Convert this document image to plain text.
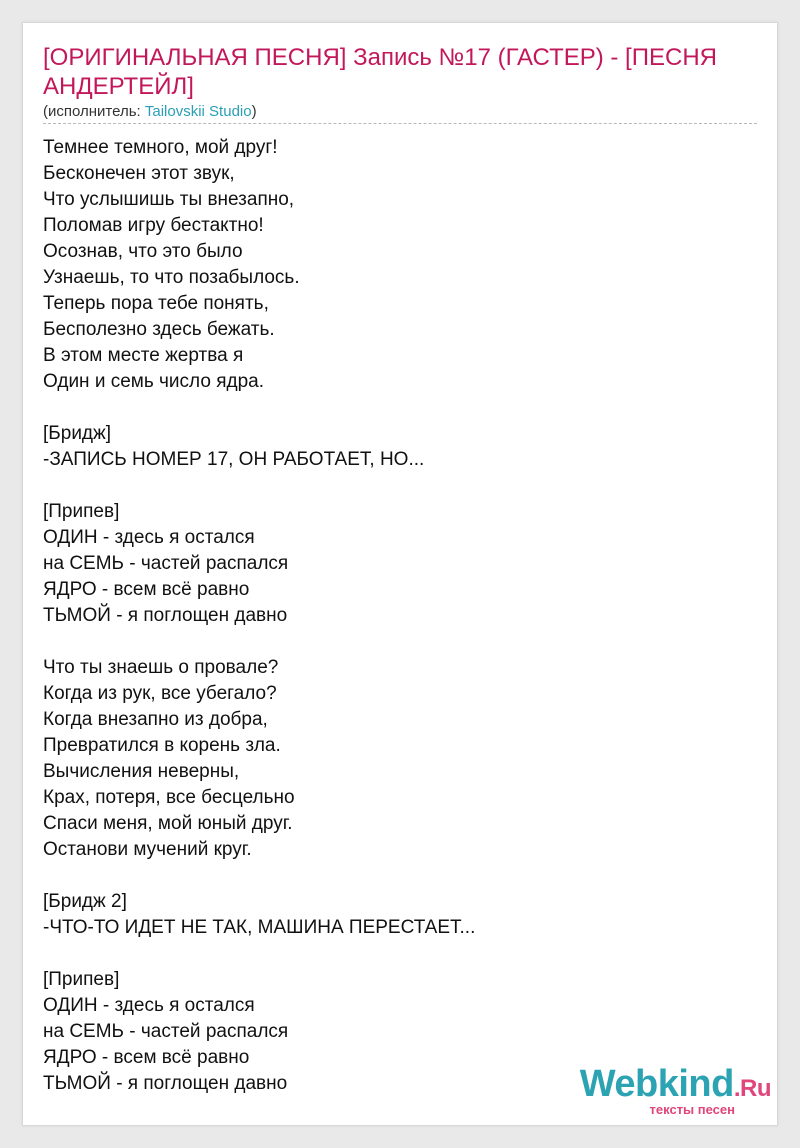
[ОРИГИНАЛЬНАЯ ПЕСНЯ] Запись №17 (ГАСТЕР) - [ПЕСНЯ АНДЕРТЕЙЛ]
(исполнитель: Tailovskii Studio)
Темнее темного, мой друг!
Бесконечен этот звук,
Что услышишь ты внезапно,
Поломав игру бестактно!
Осознав, что это было
Узнаешь, то что позабылось.
Теперь пора тебе понять,
Бесполезно здесь бежать.
В этом месте жертва я
Один и семь число ядра.
[Бридж]
-ЗАПИСЬ НОМЕР 17, ОН РАБОТАЕТ, НО...
[Припев]
ОДИН - здесь я остался
на СЕМЬ - частей распался
ЯДРО - всем всё равно
ТЬМОЙ - я поглощен давно
Что ты знаешь о провале?
Когда из рук, все убегало?
Когда внезапно из добра,
Превратился в корень зла.
Вычисления неверны,
Крах, потеря, все бесцельно
Спаси меня, мой юный друг.
Останови мучений круг.
[Бридж 2]
-ЧТО-ТО ИДЕТ НЕ ТАК, МАШИНА ПЕРЕСТАЕТ...
[Припев]
ОДИН - здесь я остался
на СЕМЬ - частей распался
ЯДРО - всем всё равно
ТЬМОЙ - я поглощен давно	Webkind.Ru
тексты песен
